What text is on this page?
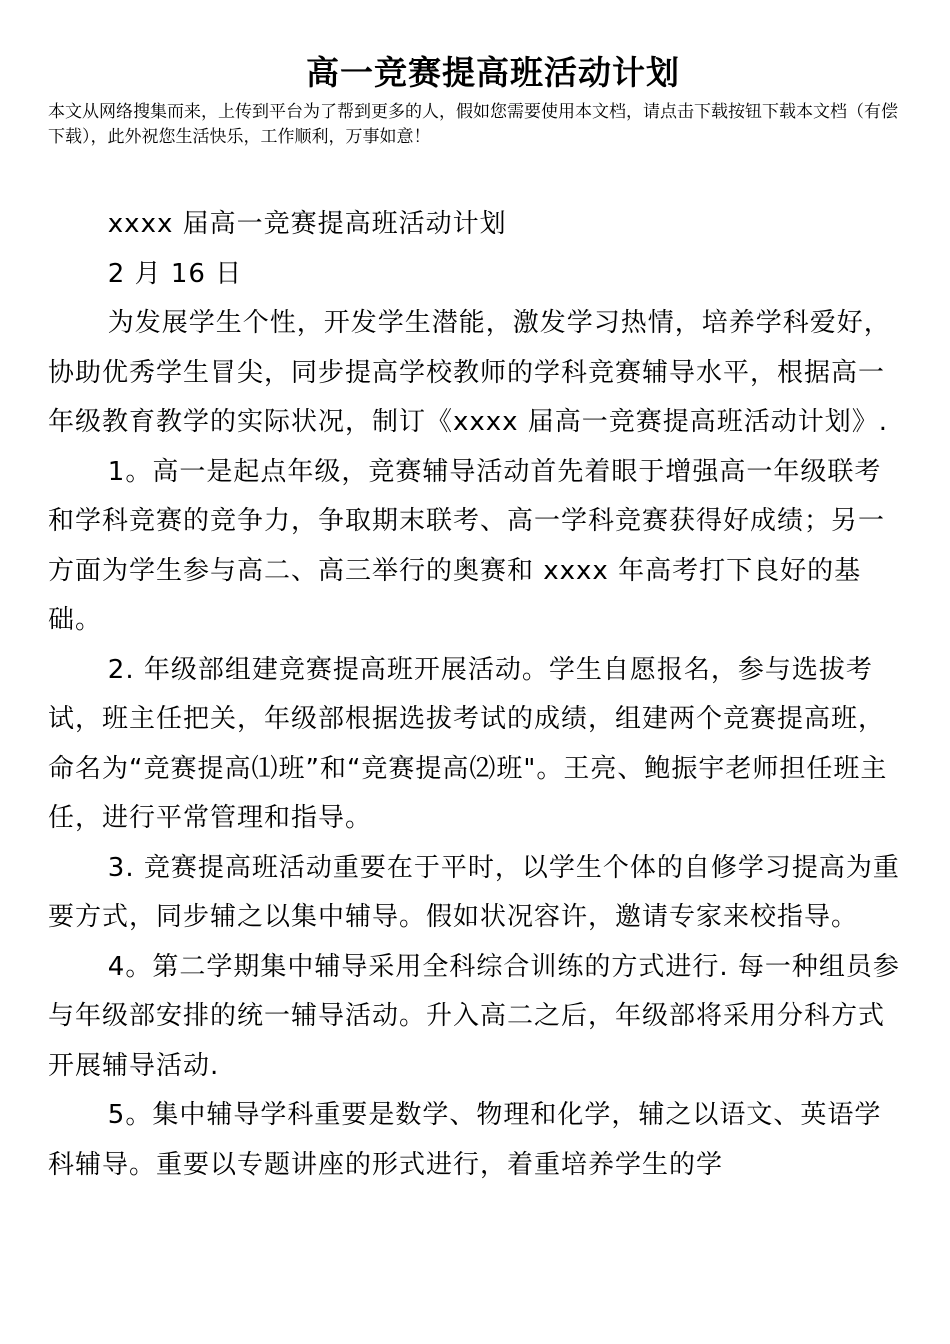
高一竞赛提高班活动计划

本文从网络搜集而来，上传到平台为了帮到更多的人，假如您需要使用本文档，请点击下载按钮下载本文档（有偿下载），此外祝您生活快乐，工作顺利，万事如意！

xxxx 届高一竞赛提高班活动计划

2 月 16 日

为发展学生个性，开发学生潜能，激发学习热情，培养学科爱好，协助优秀学生冒尖，同步提高学校教师的学科竞赛辅导水平，根据高一年级教育教学的实际状况，制订《xxxx 届高一竞赛提高班活动计划》.

1。高一是起点年级，竞赛辅导活动首先着眼于增强高一年级联考和学科竞赛的竞争力，争取期末联考、高一学科竞赛获得好成绩；另一方面为学生参与高二、高三举行的奥赛和 xxxx 年高考打下良好的基础。

2. 年级部组建竞赛提高班开展活动。学生自愿报名，参与选拔考试，班主任把关，年级部根据选拔考试的成绩，组建两个竞赛提高班，命名为“竞赛提高⑴班”和“竞赛提高⑵班"。王亮、鲍振宇老师担任班主任，进行平常管理和指导。

3. 竞赛提高班活动重要在于平时，以学生个体的自修学习提高为重要方式，同步辅之以集中辅导。假如状况容许，邀请专家来校指导。

4。第二学期集中辅导采用全科综合训练的方式进行. 每一种组员参与年级部安排的统一辅导活动。升入高二之后，年级部将采用分科方式开展辅导活动.

5。集中辅导学科重要是数学、物理和化学，辅之以语文、英语学科辅导。重要以专题讲座的形式进行，着重培养学生的学
